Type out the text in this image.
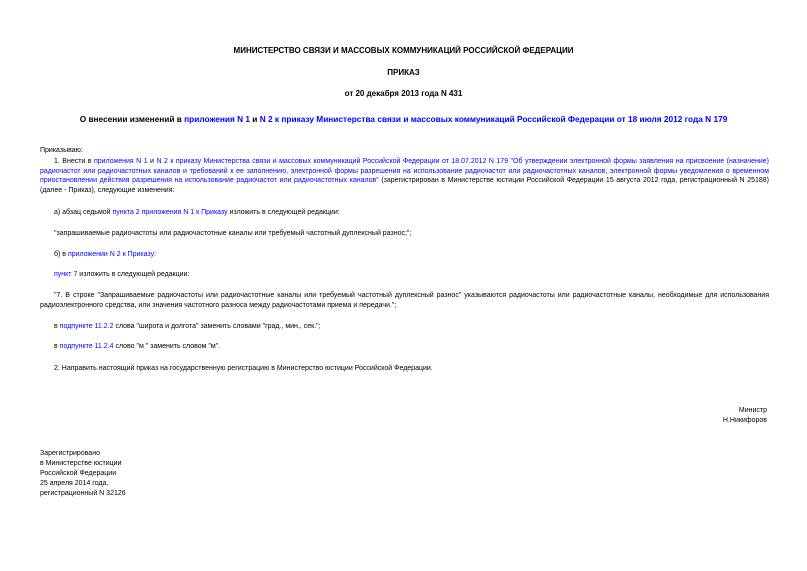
МИНИСТЕРСТВО СВЯЗИ И МАССОВЫХ КОММУНИКАЦИЙ РОССИЙСКОЙ ФЕДЕРАЦИИ
ПРИКАЗ
от 20 декабря 2013 года N 431
О внесении изменений в приложения N 1 и N 2 к приказу Министерства связи и массовых коммуникаций Российской Федерации от 18 июля 2012 года N 179
Приказываю:
1. Внести в приложения N 1 и N 2 к приказу Министерства связи и массовых коммуникаций Российской Федерации от 18.07.2012 N 179 "Об утверждении электронной формы заявления на присвоение (назначение) радиочастот или радиочастотных каналов и требований к ее заполнению, электронной формы разрешения на использование радиочастот или радиочастотных каналов, электронной формы уведомления о временном приостановлении действия разрешения на использование радиочастот или радиочастотных каналов" (зарегистрирован в Министерстве юстиции Российской Федерации 15 августа 2012 года, регистрационный N 25188) (далее - Приказ), следующие изменения:
а) абзац седьмой пункта 2 приложения N 1 к Приказу изложить в следующей редакции:
"запрашиваемые радиочастоты или радиочастотные каналы или требуемый частотный дуплексный разнос;";
б) в приложении N 2 к Приказу:
пункт 7 изложить в следующей редакции:
"7. В строке "Запрашиваемые радиочастоты или радиочастотные каналы или требуемый частотный дуплексный разнос" указываются радиочастоты или радиочастотные каналы, необходимые для использования радиоэлектронного средства, или значения частотного разноса между радиочастотами приема и передачи.";
в подпункте 11.2.2 слова "широта и долгота" заменить словами "град., мин., сек.";
в подпункте 11.2.4 слово "м " заменить словом "м".
2. Направить настоящий приказ на государственную регистрацию в Министерство юстиции Российской Федерации.
Министр
Н.Никифоров
Зарегистрировано
в Министерстве юстиции
Российской Федерации
25 апреля 2014 года,
регистрационный N 32126
